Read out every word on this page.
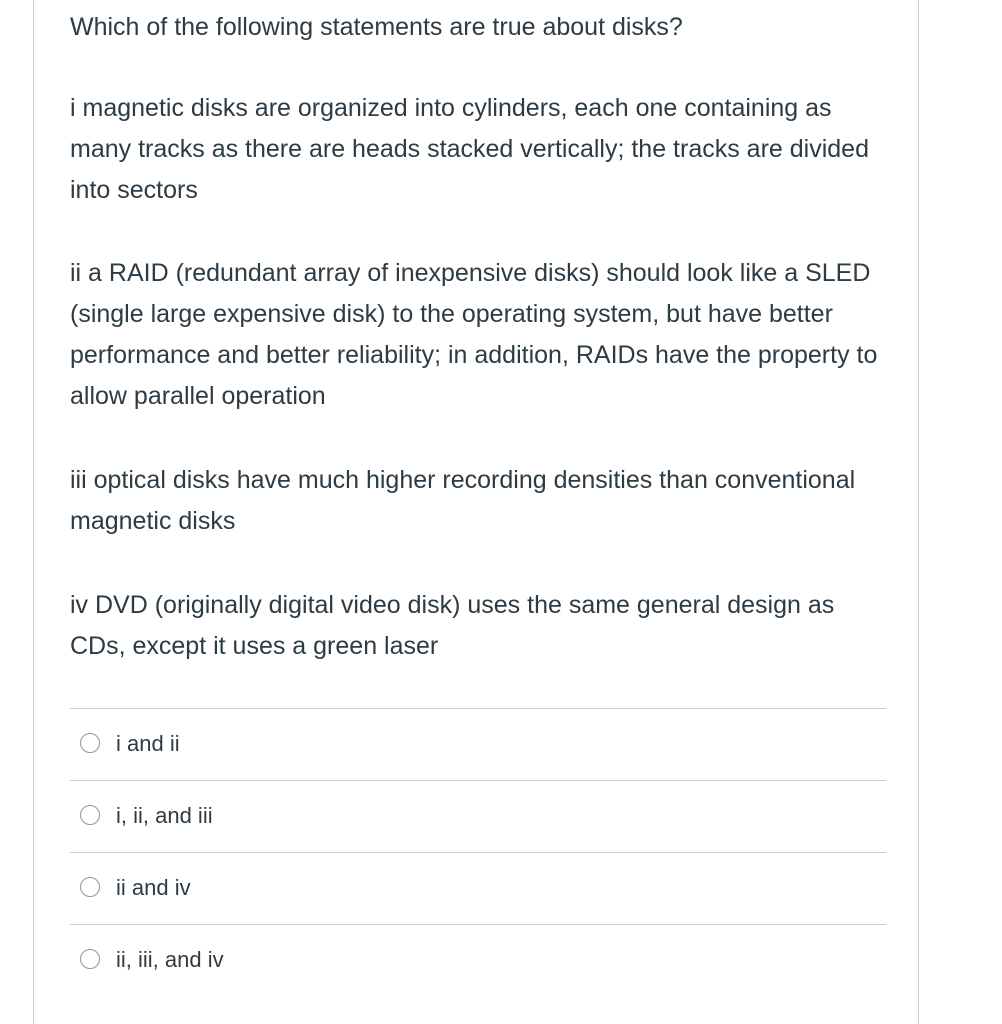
Which of the following statements are true about disks?

i magnetic disks are organized into cylinders, each one containing as many tracks as there are heads stacked vertically; the tracks are divided into sectors

ii a RAID (redundant array of inexpensive disks) should look like a SLED (single large expensive disk) to the operating system, but have better performance and better reliability; in addition, RAIDs have the property to allow parallel operation

iii optical disks have much higher recording densities than conventional magnetic disks

iv DVD (originally digital video disk) uses the same general design as CDs, except it uses a green laser

i and ii
i, ii, and iii
ii and iv
ii, iii, and iv
